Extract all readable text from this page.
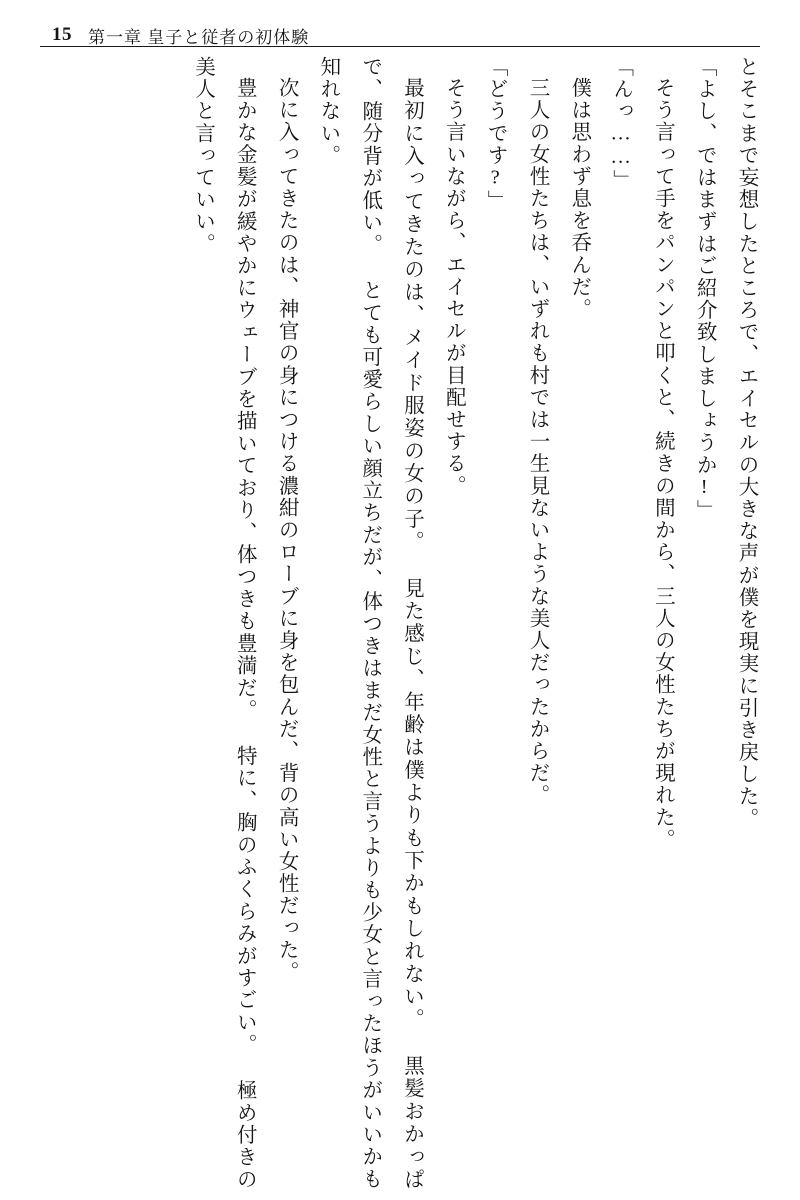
15 第一章 皇子と従者の初体験

とそこまで妄想したところで、エイセルの大きな声が僕を現実に引き戻した。

「よし、ではまずはご紹介致しましょうか!」

そう言って手をパンパンと叩くと、続きの間から、三人の女性たちが現れた。

「んっ……」

僕は思わず息を呑んだ。

三人の女性たちは、いずれも村では一生見ないような美人だったからだ。

「どうです?」

そう言いながら、エイセルが目配せする。

最初に入ってきたのは、メイド服姿の女の子。 見た感じ、年齢は僕よりも下かもしれない。 黒髪おかっぱで、随分背が低い。 とても可愛らしい顔立ちだが、体つきはまだ女性と言うよりも少女と言ったほうがいいかも知れない。

次に入ってきたのは、神官の身につける濃紺のローブに身を包んだ、背の高い女性だった。

豊かな金髪が緩やかにウェーブを描いており、体つきも豊満だ。 特に、胸のふくらみがすごい。 極め付きの美人と言っていい。
